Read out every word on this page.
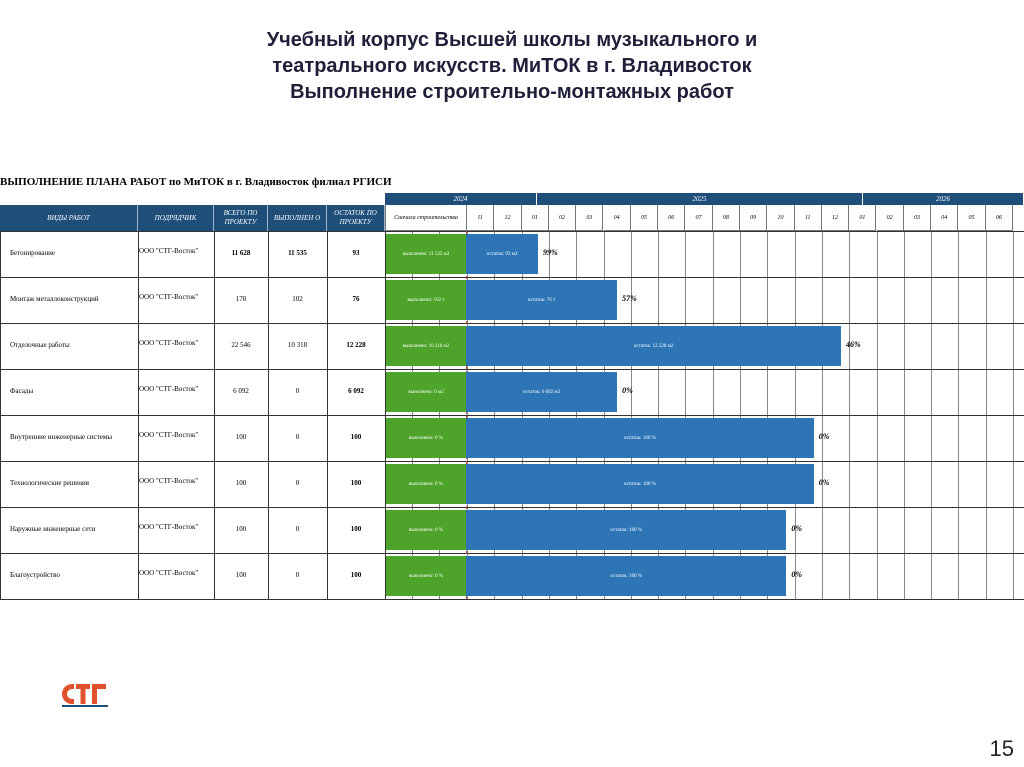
Учебный корпус Высшей школы музыкального и
театрального искусств. МиТОК в г. Владивосток
Выполнение строительно-монтажных работ
ВЫПОЛНЕНИЕ ПЛАНА РАБОТ по МиТОК в г. Владивосток филиал РГИСИ
2024	2025	2026
ВИДЫ РАБОТ	ПОДРЯДЧИК
ВСЕГО ПО ПРОЕКТУ
ВЫПОЛНЕН О
ОСТАТОК ПО ПРОЕКТУ
Сначала строительства	11	12	01	02	03	04	05	06	07	08	09	10	11	12	01	02	03	04	05	06
Бетонирование	ООО "СТГ-Восток"	11 628	11 535	93	выполнено: 11 535 м3	остаток: 93 м3	99%
Монтаж металлоконструкций	ООО "СТГ-Восток"	178	102	76	выполнено: 102 т	остаток: 76 т	57%
Отделочные работы	ООО "СТГ-Восток"	22 546	10 318	12 228	выполнено: 10 318 м2	остаток: 12 228 м2	46%
Фасады	ООО "СТГ-Восток"	6 092	0	6 092	выполнено: 0 м2	остаток: 6 092 м2	0%
Внутренние инженерные системы	ООО "СТГ-Восток"	100	0	100	выполнено: 0 %	остаток: 100 %	0%
Технологические решения	ООО "СТГ-Восток"	100	0	100	выполнено: 0 %	остаток: 100 %	0%
Наружные инженерные сети	ООО "СТГ-Восток"	100	0	100	выполнено: 0 %	остаток: 100 %	0%
Благоустройство	ООО "СТГ-Восток"	100	0	100	выполнено: 0 %	остаток: 100 %	0%
15
